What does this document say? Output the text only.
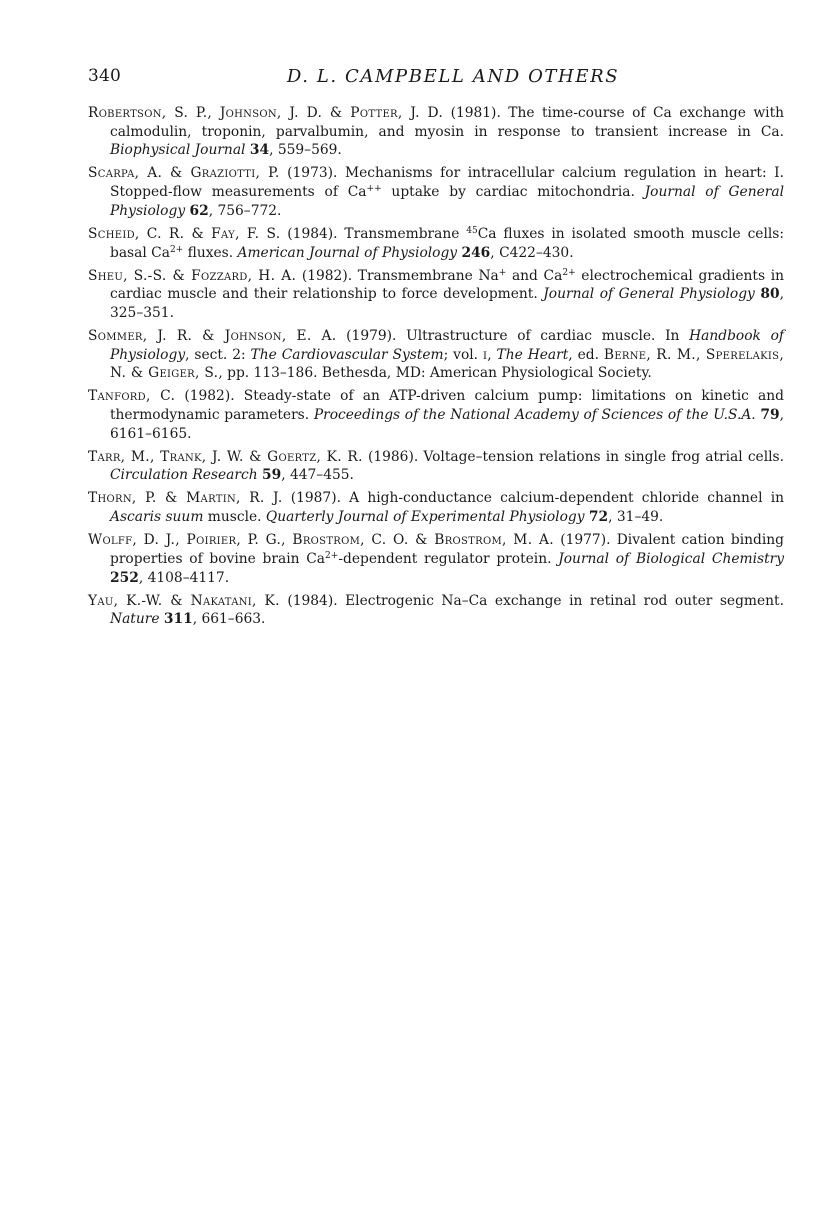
340	D. L. CAMPBELL AND OTHERS

Robertson, S. P., Johnson, J. D. & Potter, J. D. (1981). The time-course of Ca exchange with calmodulin, troponin, parvalbumin, and myosin in response to transient increase in Ca. Biophysical Journal 34, 559–569.

Scarpa, A. & Graziotti, P. (1973). Mechanisms for intracellular calcium regulation in heart: I. Stopped-flow measurements of Ca++ uptake by cardiac mitochondria. Journal of General Physiology 62, 756–772.

Scheid, C. R. & Fay, F. S. (1984). Transmembrane $^{45}$Ca fluxes in isolated smooth muscle cells: basal $Ca^{2+}$ fluxes. American Journal of Physiology 246, C422–430.

Sheu, S.-S. & Fozzard, H. A. (1982). Transmembrane Na+ and $Ca^{2+}$ electrochemical gradients in cardiac muscle and their relationship to force development. Journal of General Physiology 80, 325–351.

Sommer, J. R. & Johnson, E. A. (1979). Ultrastructure of cardiac muscle. In Handbook of Physiology, sect. 2: The Cardiovascular System; vol. i, The Heart, ed. Berne, R. M., Sperelakis, N. & Geiger, S., pp. 113–186. Bethesda, MD: American Physiological Society.

Tanford, C. (1982). Steady-state of an ATP-driven calcium pump: limitations on kinetic and thermodynamic parameters. Proceedings of the National Academy of Sciences of the U.S.A. 79, 6161–6165.

Tarr, M., Trank, J. W. & Goertz, K. R. (1986). Voltage–tension relations in single frog atrial cells. Circulation Research 59, 447–455.

Thorn, P. & Martin, R. J. (1987). A high-conductance calcium-dependent chloride channel in Ascaris suum muscle. Quarterly Journal of Experimental Physiology 72, 31–49.

Wolff, D. J., Poirier, P. G., Brostrom, C. O. & Brostrom, M. A. (1977). Divalent cation binding properties of bovine brain $Ca^{2+}$-dependent regulator protein. Journal of Biological Chemistry 252, 4108–4117.

Yau, K.-W. & Nakatani, K. (1984). Electrogenic Na–Ca exchange in retinal rod outer segment. Nature 311, 661–663.
